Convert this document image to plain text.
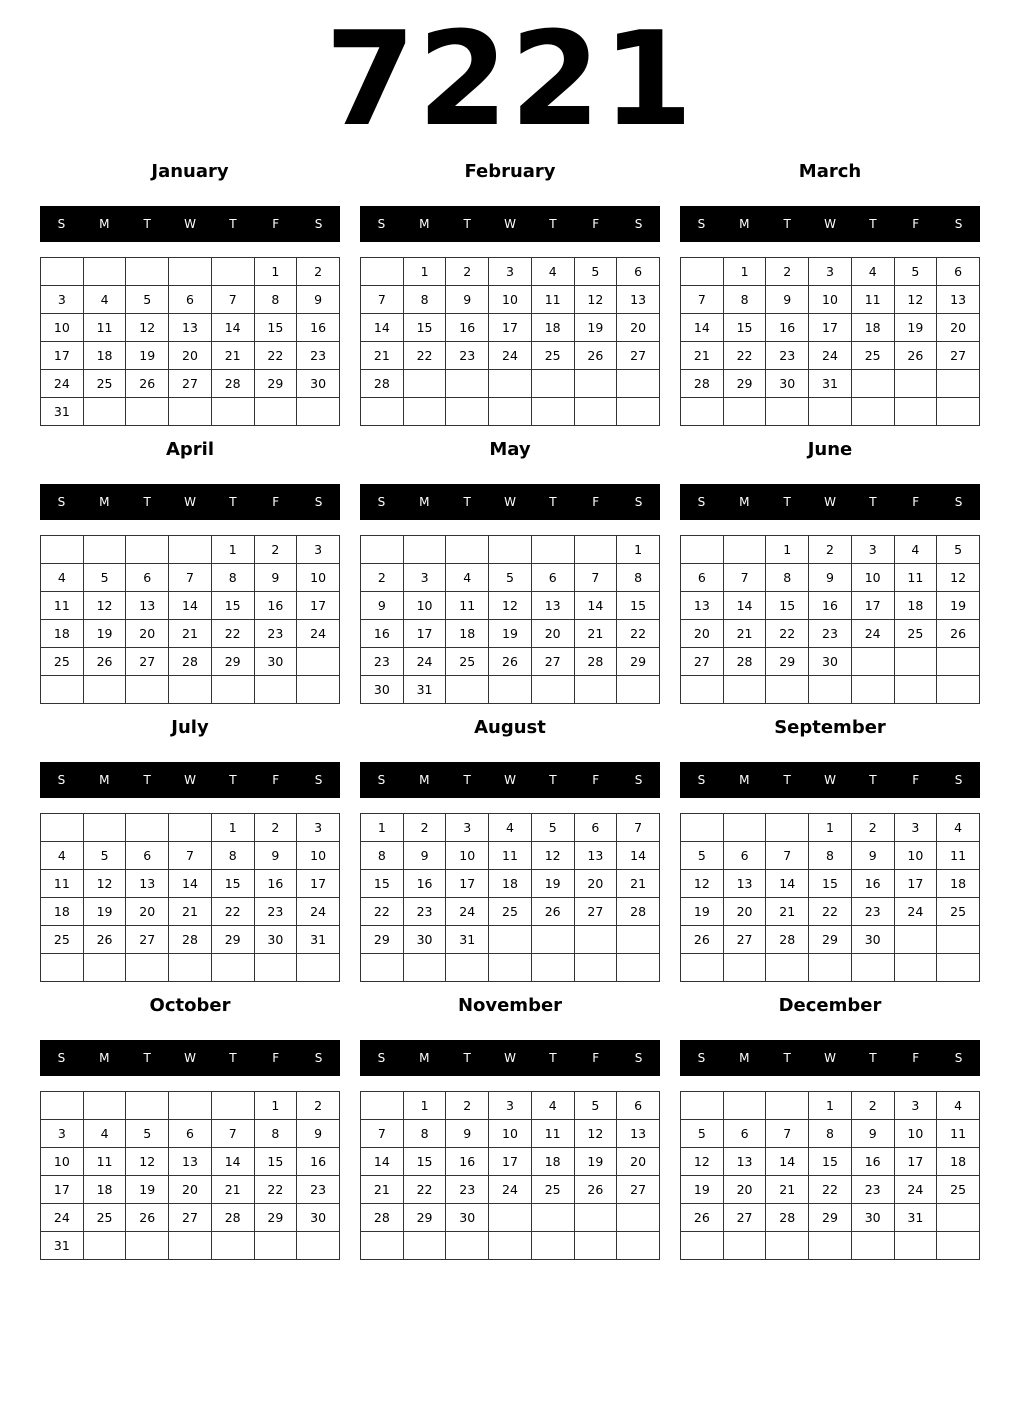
7221
January
S	M	T	W	T	F	S
					1	2
3	4	5	6	7	8	9
10	11	12	13	14	15	16
17	18	19	20	21	22	23
24	25	26	27	28	29	30
31						
February
S	M	T	W	T	F	S
	1	2	3	4	5	6
7	8	9	10	11	12	13
14	15	16	17	18	19	20
21	22	23	24	25	26	27
28						

March
S	M	T	W	T	F	S
	1	2	3	4	5	6
7	8	9	10	11	12	13
14	15	16	17	18	19	20
21	22	23	24	25	26	27
28	29	30	31			

April
S	M	T	W	T	F	S
				1	2	3
4	5	6	7	8	9	10
11	12	13	14	15	16	17
18	19	20	21	22	23	24
25	26	27	28	29	30	

May
S	M	T	W	T	F	S
						1
2	3	4	5	6	7	8
9	10	11	12	13	14	15
16	17	18	19	20	21	22
23	24	25	26	27	28	29
30	31					
June
S	M	T	W	T	F	S
		1	2	3	4	5
6	7	8	9	10	11	12
13	14	15	16	17	18	19
20	21	22	23	24	25	26
27	28	29	30			

July
S	M	T	W	T	F	S
				1	2	3
4	5	6	7	8	9	10
11	12	13	14	15	16	17
18	19	20	21	22	23	24
25	26	27	28	29	30	31

August
S	M	T	W	T	F	S
1	2	3	4	5	6	7
8	9	10	11	12	13	14
15	16	17	18	19	20	21
22	23	24	25	26	27	28
29	30	31				

September
S	M	T	W	T	F	S
			1	2	3	4
5	6	7	8	9	10	11
12	13	14	15	16	17	18
19	20	21	22	23	24	25
26	27	28	29	30		

October
S	M	T	W	T	F	S
					1	2
3	4	5	6	7	8	9
10	11	12	13	14	15	16
17	18	19	20	21	22	23
24	25	26	27	28	29	30
31						
November
S	M	T	W	T	F	S
	1	2	3	4	5	6
7	8	9	10	11	12	13
14	15	16	17	18	19	20
21	22	23	24	25	26	27
28	29	30				

December
S	M	T	W	T	F	S
			1	2	3	4
5	6	7	8	9	10	11
12	13	14	15	16	17	18
19	20	21	22	23	24	25
26	27	28	29	30	31	
